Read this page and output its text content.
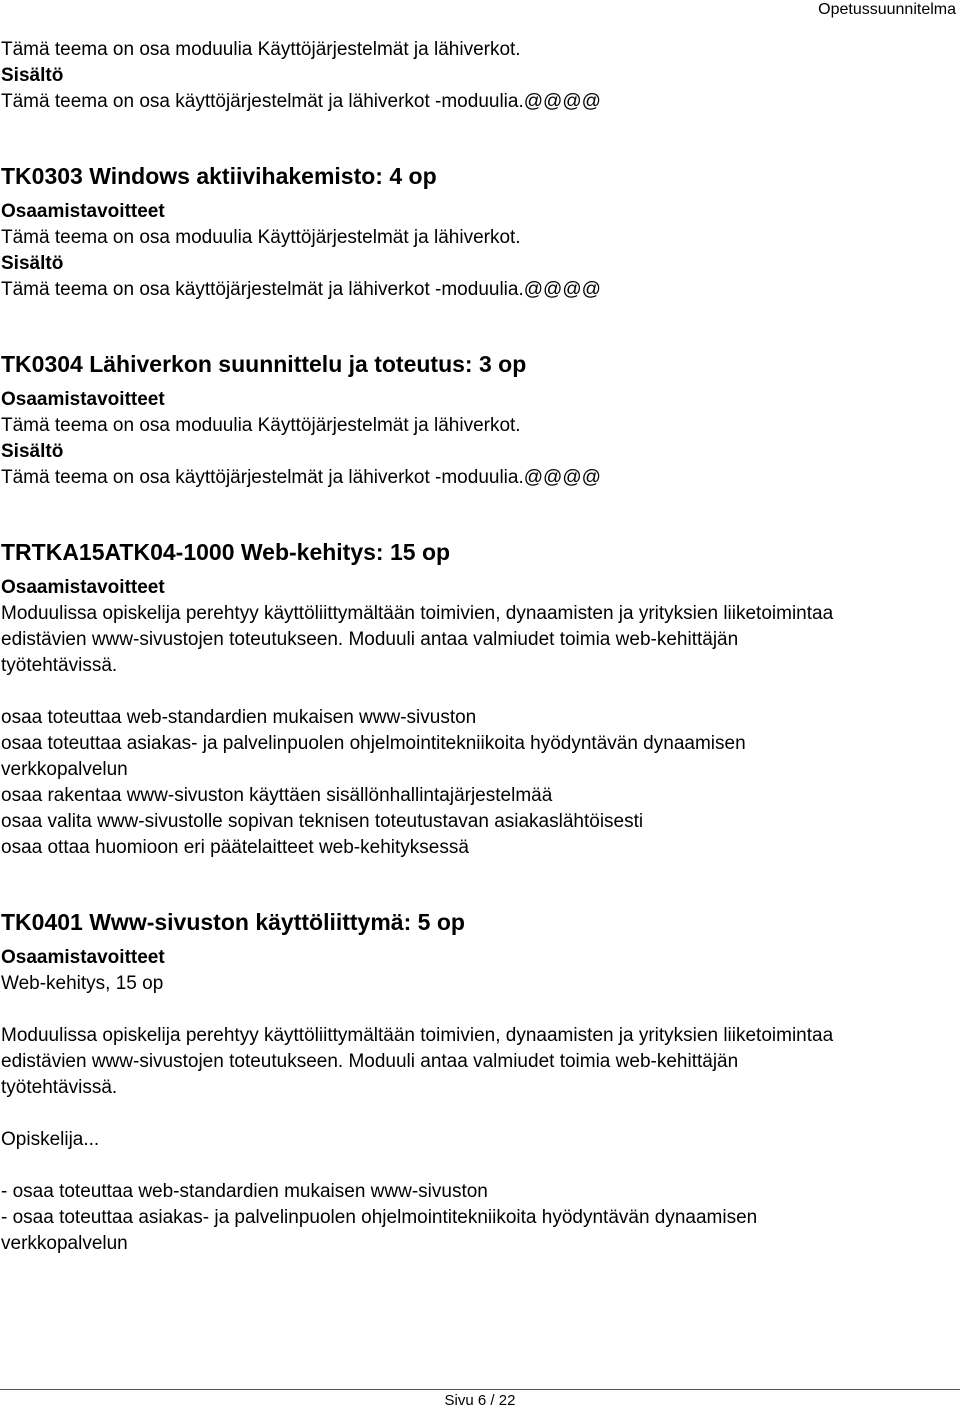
Opetussuunnitelma

Tämä teema on osa moduulia Käyttöjärjestelmät ja lähiverkot.

Sisältö

Tämä teema on osa käyttöjärjestelmät ja lähiverkot -moduulia.@@@@

TK0303 Windows aktiivihakemisto: 4 op

Osaamistavoitteet

Tämä teema on osa moduulia Käyttöjärjestelmät ja lähiverkot.

Sisältö

Tämä teema on osa käyttöjärjestelmät ja lähiverkot -moduulia.@@@@

TK0304 Lähiverkon suunnittelu ja toteutus: 3 op

Osaamistavoitteet

Tämä teema on osa moduulia Käyttöjärjestelmät ja lähiverkot.

Sisältö

Tämä teema on osa käyttöjärjestelmät ja lähiverkot -moduulia.@@@@

TRTKA15ATK04-1000 Web-kehitys: 15 op

Osaamistavoitteet

Moduulissa opiskelija perehtyy käyttöliittymältään toimivien, dynaamisten ja yrityksien liiketoimintaa

edistävien www-sivustojen toteutukseen. Moduuli antaa valmiudet toimia web-kehittäjän

työtehtävissä.

osaa toteuttaa web-standardien mukaisen www-sivuston

osaa toteuttaa asiakas- ja palvelinpuolen ohjelmointitekniikoita hyödyntävän dynaamisen

verkkopalvelun

osaa rakentaa www-sivuston käyttäen sisällönhallintajärjestelmää

osaa valita www-sivustolle sopivan teknisen toteutustavan asiakaslähtöisesti

osaa ottaa huomioon eri päätelaitteet web-kehityksessä

TK0401 Www-sivuston käyttöliittymä: 5 op

Osaamistavoitteet

Web-kehitys, 15 op

Moduulissa opiskelija perehtyy käyttöliittymältään toimivien, dynaamisten ja yrityksien liiketoimintaa

edistävien www-sivustojen toteutukseen. Moduuli antaa valmiudet toimia web-kehittäjän

työtehtävissä.

Opiskelija...

- osaa toteuttaa web-standardien mukaisen www-sivuston

- osaa toteuttaa asiakas- ja palvelinpuolen ohjelmointitekniikoita hyödyntävän dynaamisen

verkkopalvelun

Sivu 6 / 22
